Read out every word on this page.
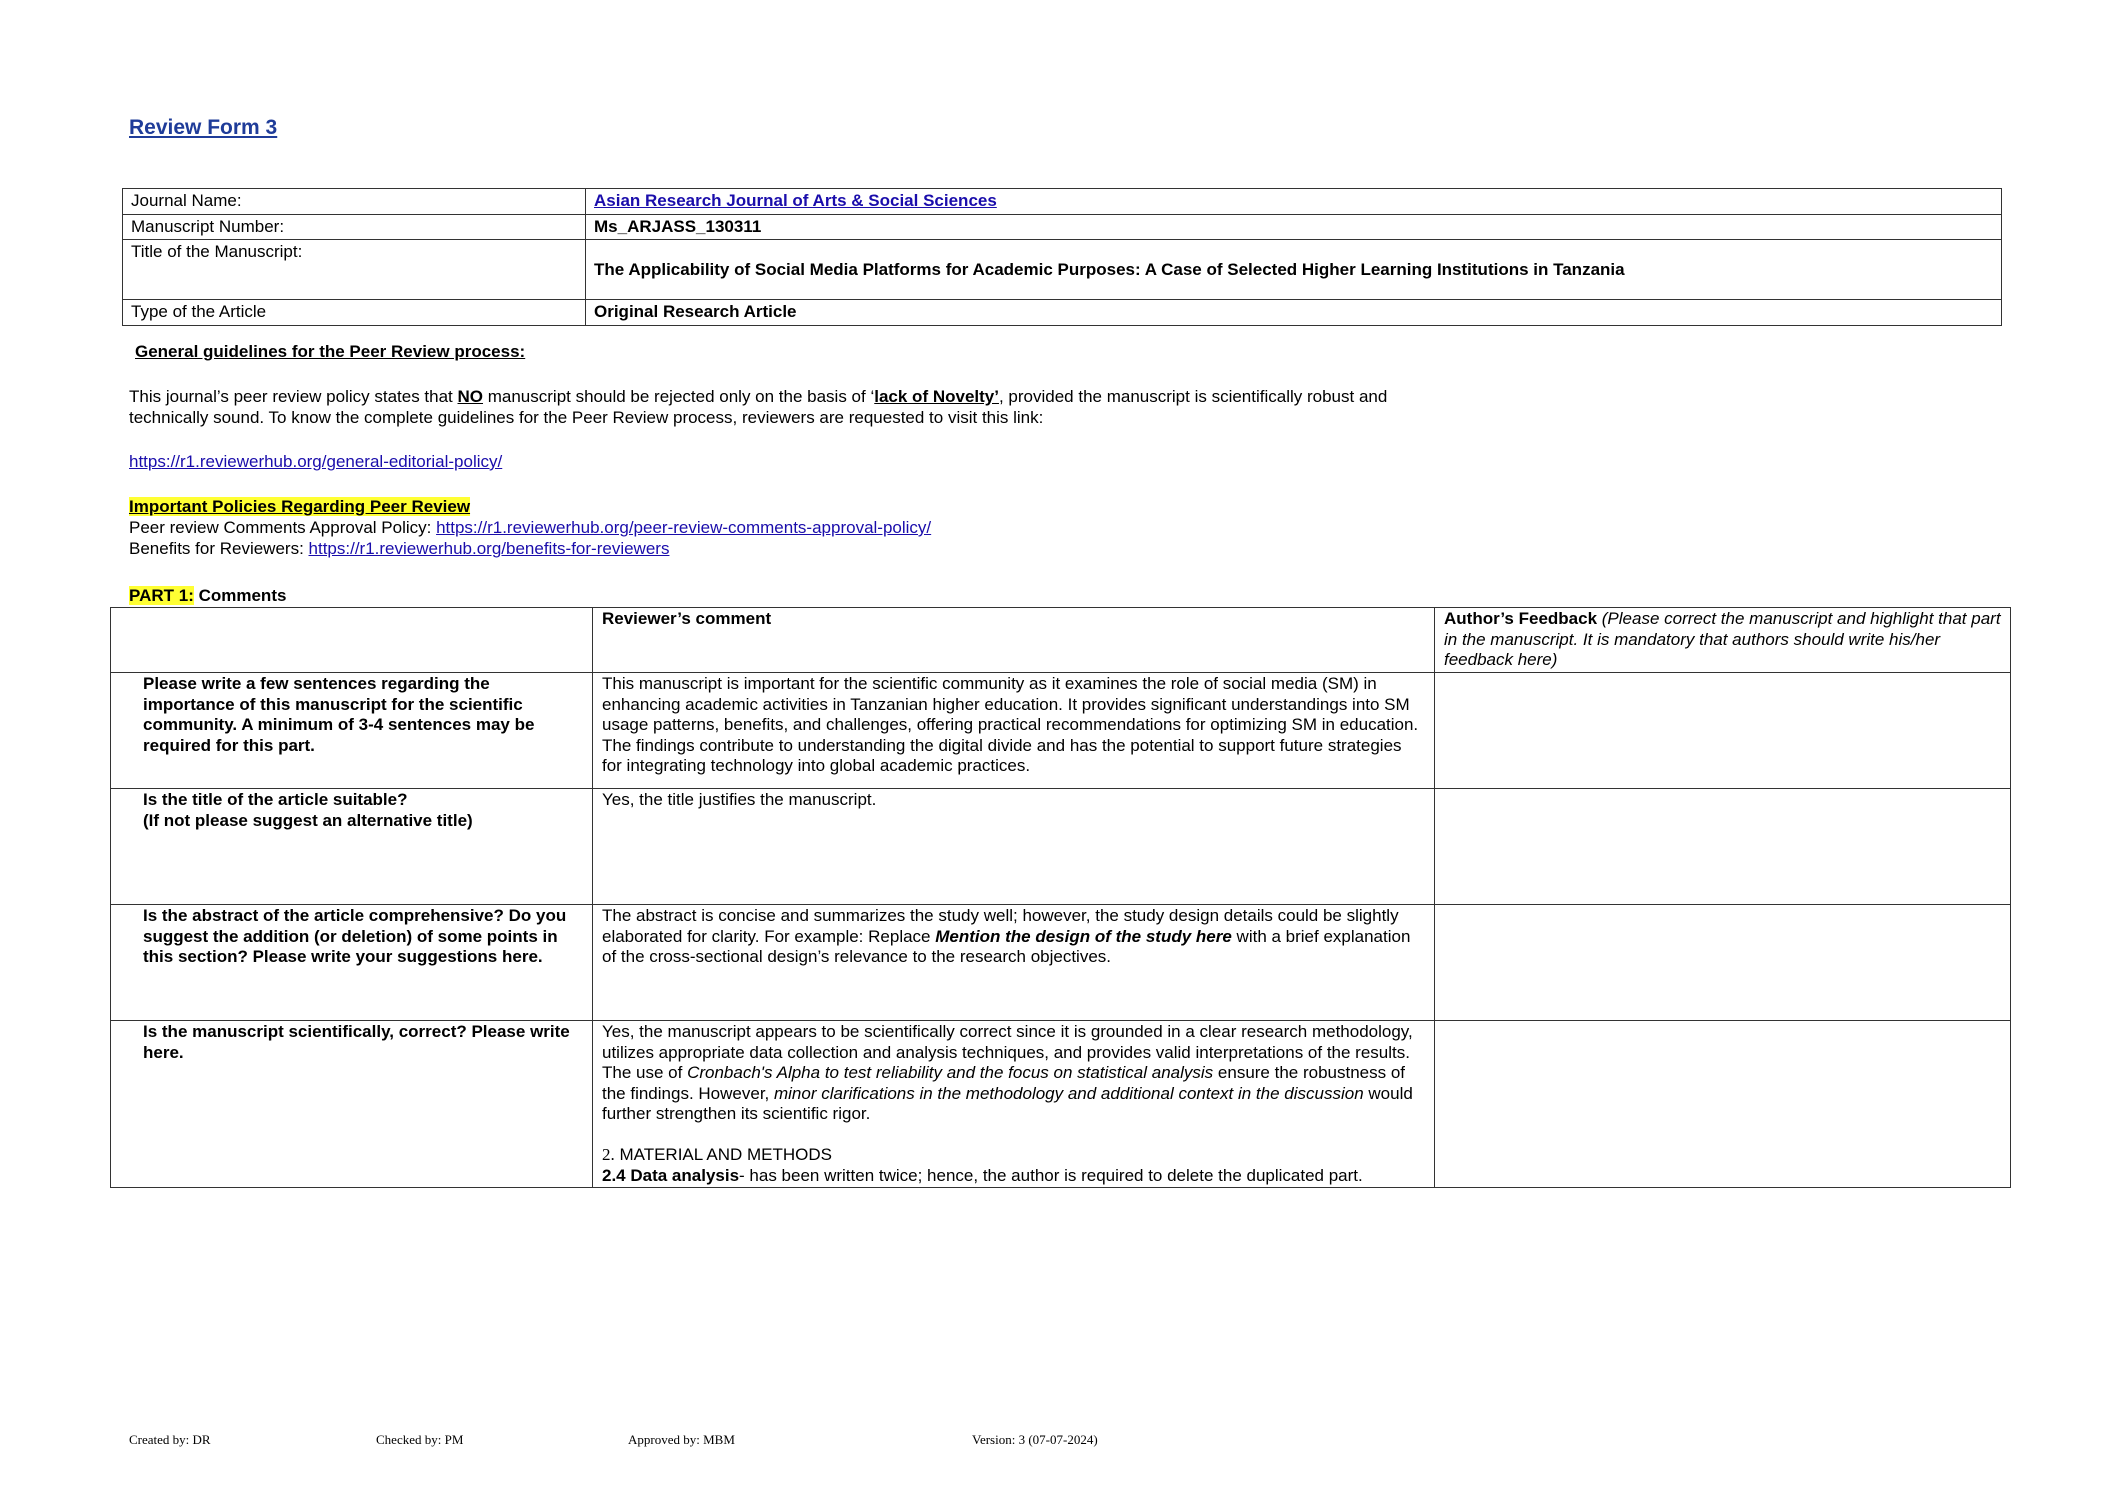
Review Form 3
Journal Name:	Asian Research Journal of Arts & Social Sciences
Manuscript Number:	Ms_ARJASS_130311
Title of the Manuscript:	The Applicability of Social Media Platforms for Academic Purposes: A Case of Selected Higher Learning Institutions in Tanzania
Type of the Article	Original Research Article
General guidelines for the Peer Review process:
This journal’s peer review policy states that NO manuscript should be rejected only on the basis of ‘lack of Novelty’, provided the manuscript is scientifically robust and
technically sound. To know the complete guidelines for the Peer Review process, reviewers are requested to visit this link:
https://r1.reviewerhub.org/general-editorial-policy/
Important Policies Regarding Peer Review
Peer review Comments Approval Policy: https://r1.reviewerhub.org/peer-review-comments-approval-policy/
Benefits for Reviewers: https://r1.reviewerhub.org/benefits-for-reviewers
PART 1: Comments
	Reviewer’s comment	Author’s Feedback (Please correct the manuscript and highlight that part in the manuscript. It is mandatory that authors should write his/her feedback here)
Please write a few sentences regarding the importance of this manuscript for the scientific community. A minimum of 3-4 sentences may be required for this part.	This manuscript is important for the scientific community as it examines the role of social media (SM) in enhancing academic activities in Tanzanian higher education. It provides significant understandings into SM usage patterns, benefits, and challenges, offering practical recommendations for optimizing SM in education. The findings contribute to understanding the digital divide and has the potential to support future strategies for integrating technology into global academic practices.	
Is the title of the article suitable?
(If not please suggest an alternative title)	Yes, the title justifies the manuscript.	
Is the abstract of the article comprehensive? Do you suggest the addition (or deletion) of some points in this section? Please write your suggestions here.	The abstract is concise and summarizes the study well; however, the study design details could be slightly elaborated for clarity. For example: Replace Mention the design of the study here with a brief explanation of the cross-sectional design’s relevance to the research objectives.	
Is the manuscript scientifically, correct? Please write here.	Yes, the manuscript appears to be scientifically correct since it is grounded in a clear research methodology, utilizes appropriate data collection and analysis techniques, and provides valid interpretations of the results. The use of Cronbach's Alpha to test reliability and the focus on statistical analysis ensure the robustness of the findings. However, minor clarifications in the methodology and additional context in the discussion would further strengthen its scientific rigor.
2. MATERIAL AND METHODS
2.4 Data analysis- has been written twice; hence, the author is required to delete the duplicated part.	
Created by: DR	Checked by: PM	Approved by: MBM	Version: 3 (07-07-2024)
